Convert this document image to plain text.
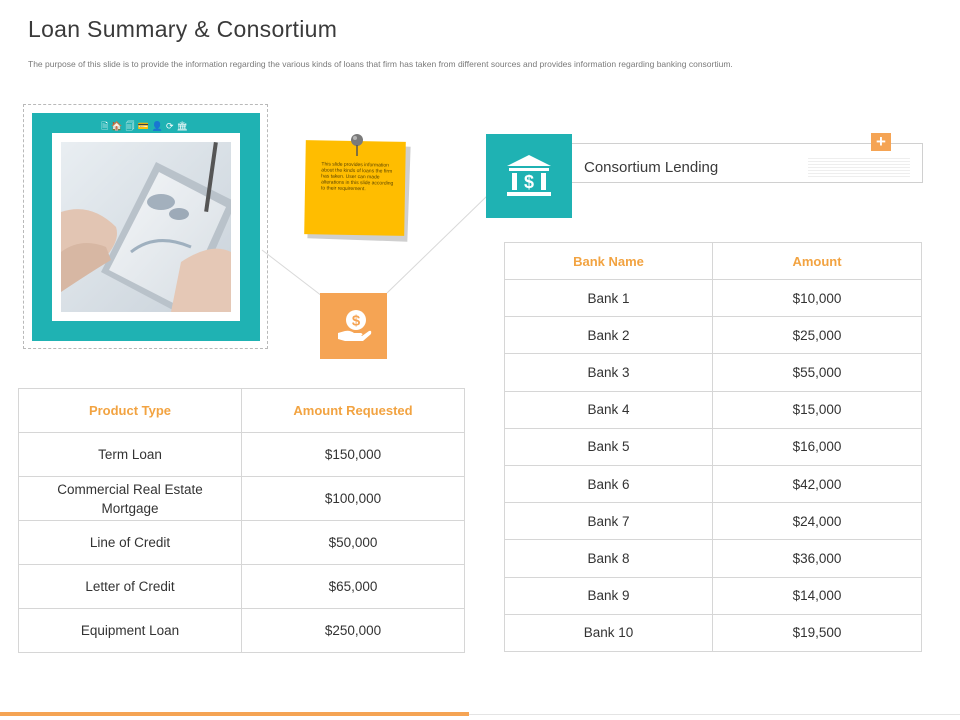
Loan Summary & Consortium
The purpose of this slide is to provide the information regarding the various kinds of loans that firm has taken from different sources and provides information regarding banking consortium.
🗎🏠🗐💳👤⟳🏛
This slide provides information about the kinds of loans the firm has taken. User can made alterations in this slide according to their requirement.
$
$
Consortium Lending
+
Product Type	Amount Requested
Term Loan	$150,000
Commercial Real Estate Mortgage	$100,000
Line of Credit	$50,000
Letter of Credit	$65,000
Equipment Loan	$250,000
Bank Name	Amount
Bank 1	$10,000
Bank 2	$25,000
Bank 3	$55,000
Bank 4	$15,000
Bank 5	$16,000
Bank 6	$42,000
Bank 7	$24,000
Bank 8	$36,000
Bank 9	$14,000
Bank 10	$19,500
